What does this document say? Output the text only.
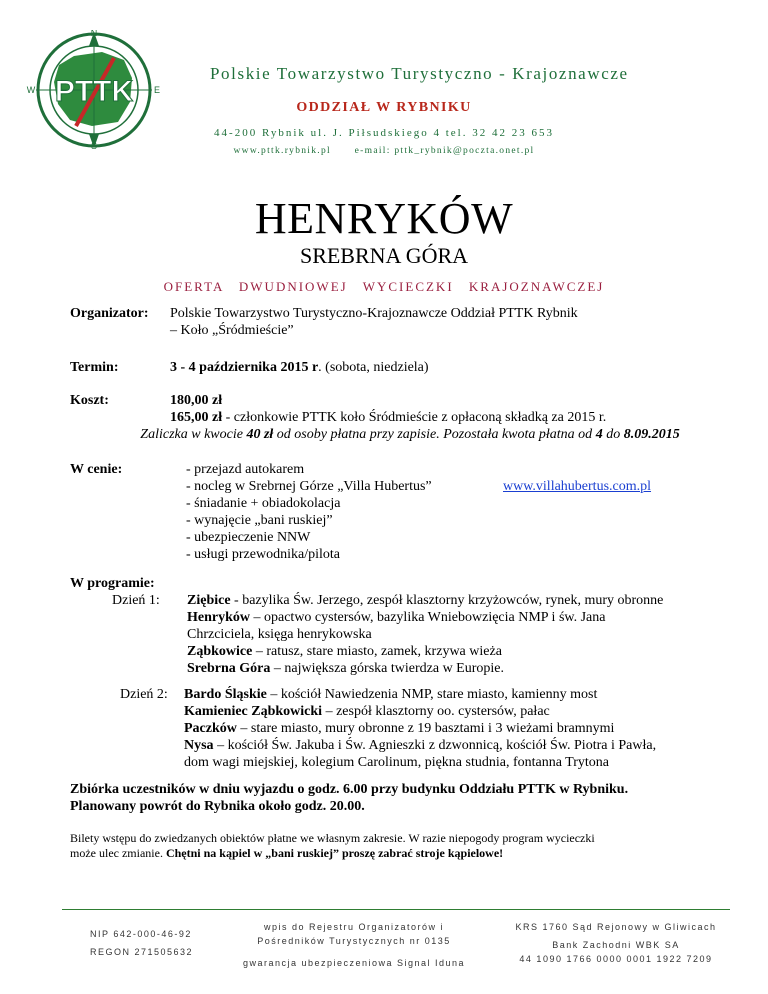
N
S
E
W PTTK
Polskie Towarzystwo Turystyczno - Krajoznawcze
ODDZIAŁ W RYBNIKU
44-200 Rybnik ul. J. Piłsudskiego 4 tel. 32 42 23 653
www.pttk.rybnik.pl e-mail: pttk_rybnik@poczta.onet.pl
HENRYKÓW
SREBRNA GÓRA
OFERTA DWUDNIOWEJ WYCIECZKI KRAJOZNAWCZEJ
Organizator: Polskie Towarzystwo Turystyczno-Krajoznawcze Oddział PTTK Rybnik
– Koło „Śródmieście”
Termin:	3 - 4 października 2015 r. (sobota, niedziela)
Koszt:	180,00 zł
165,00 zł - członkowie PTTK koło Śródmieście z opłaconą składką za 2015 r.
Zaliczka w kwocie 40 zł od osoby płatna przy zapisie. Pozostała kwota płatna od 4 do 8.09.2015
W cenie:	- przejazd autokarem
- nocleg w Srebrnej Górze „Villa Hubertus”
- śniadanie + obiadokolacja
- wynajęcie „bani ruskiej”
- ubezpieczenie NNW
- usługi przewodnika/pilota
www.villahubertus.com.pl
W programie:
Dzień 1: Ziębice - bazylika Św. Jerzego, zespół klasztorny krzyżowców, rynek, mury obronne
Henryków – opactwo cystersów, bazylika Wniebowzięcia NMP i św. Jana
Chrzciciela, księga henrykowska
Ząbkowice – ratusz, stare miasto, zamek, krzywa wieża
Srebrna Góra – największa górska twierdza w Europie.
Dzień 2: Bardo Śląskie – kościół Nawiedzenia NMP, stare miasto, kamienny most
Kamieniec Ząbkowicki – zespół klasztorny oo. cystersów, pałac
Paczków – stare miasto, mury obronne z 19 basztami i 3 wieżami bramnymi
Nysa – kościół Św. Jakuba i Św. Agnieszki z dzwonnicą, kościół Św. Piotra i Pawła,
dom wagi miejskiej, kolegium Carolinum, piękna studnia, fontanna Trytona
Zbiórka uczestników w dniu wyjazdu o godz. 6.00 przy budynku Oddziału PTTK w Rybniku.
Planowany powrót do Rybnika około godz. 20.00.
Bilety wstępu do zwiedzanych obiektów płatne we własnym zakresie. W razie niepogody program wycieczki
może ulec zmianie. Chętni na kąpiel w „bani ruskiej” proszę zabrać stroje kąpielowe!
NIP 642-000-46-92
REGON 271505632
wpis do Rejestru Organizatorów i
Pośredników Turystycznych nr 0135
gwarancja ubezpieczeniowa Signal Iduna
KRS 1760 Sąd Rejonowy w Gliwicach
Bank Zachodni WBK SA
44 1090 1766 0000 0001 1922 7209
